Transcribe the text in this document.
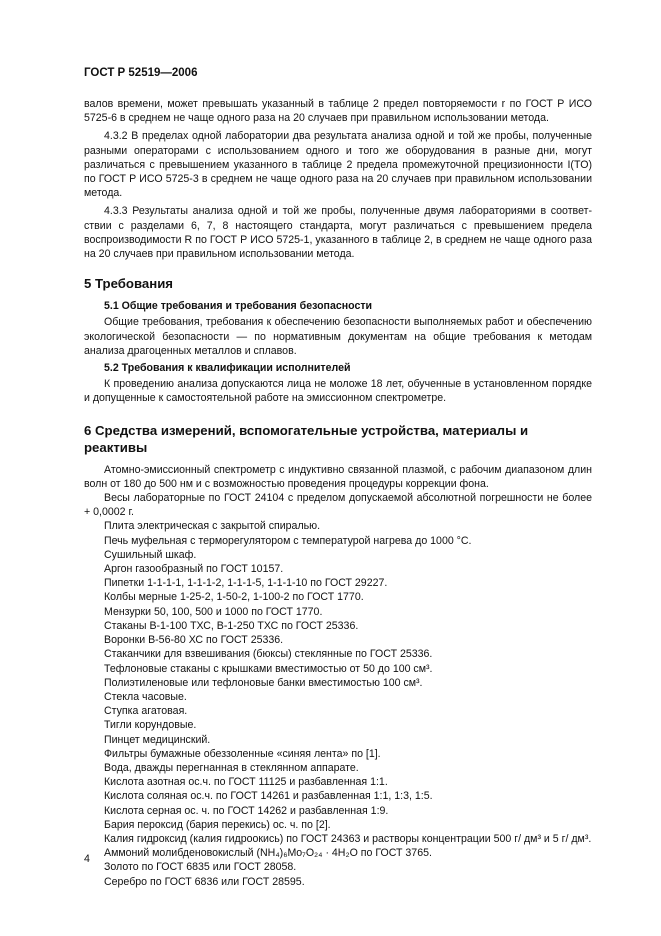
ГОСТ Р 52519—2006

валов времени, может превышать указанный в таблице 2 предел повторяемости r по ГОСТ Р ИСО 5725-6 в среднем не чаще одного раза на 20 случаев при правильном использовании метода.

4.3.2 В пределах одной лаборатории два результата анализа одной и той же пробы, полученные разными операторами с использованием одного и того же оборудования в разные дни, могут различаться с превышением указанного в таблице 2 предела промежуточной прецизионности I(TO) по ГОСТ Р ИСО 5725-3 в среднем не чаще одного раза на 20 случаев при правильном использовании метода.

4.3.3 Результаты анализа одной и той же пробы, полученные двумя лабораториями в соответствии с разделами 6, 7, 8 настоящего стандарта, могут различаться с превышением предела воспроизводимости R по ГОСТ Р ИСО 5725-1, указанного в таблице 2, в среднем не чаще одного раза на 20 случаев при правильном использовании метода.

5 Требования

5.1 Общие требования и требования безопасности

Общие требования, требования к обеспечению безопасности выполняемых работ и обеспечению экологической безопасности — по нормативным документам на общие требования к методам анализа драгоценных металлов и сплавов.

5.2 Требования к квалификации исполнителей

К проведению анализа допускаются лица не моложе 18 лет, обученные в установленном порядке и допущенные к самостоятельной работе на эмиссионном спектрометре.

6 Средства измерений, вспомогательные устройства, материалы и реактивы

Атомно-эмиссионный спектрометр с индуктивно связанной плазмой, с рабочим диапазоном длин волн от 180 до 500 нм и с возможностью проведения процедуры коррекции фона.

Весы лабораторные по ГОСТ 24104 с пределом допускаемой абсолютной погрешности не более + 0,0002 г.

Плита электрическая с закрытой спиралью.

Печь муфельная с терморегулятором с температурой нагрева до 1000 °С.

Сушильный шкаф.

Аргон газообразный по ГОСТ 10157.

Пипетки 1-1-1-1, 1-1-1-2, 1-1-1-5, 1-1-1-10 по ГОСТ 29227.

Колбы мерные 1-25-2, 1-50-2, 1-100-2 по ГОСТ 1770.

Мензурки 50, 100, 500 и 1000 по ГОСТ 1770.

Стаканы В-1-100 ТХС, В-1-250 ТХС по ГОСТ 25336.

Воронки В-56-80 ХС по ГОСТ 25336.

Стаканчики для взвешивания (бюксы) стеклянные по ГОСТ 25336.

Тефлоновые стаканы с крышками вместимостью от 50 до 100 см³.

Полиэтиленовые или тефлоновые банки вместимостью 100 см³.

Стекла часовые.

Ступка агатовая.

Тигли корундовые.

Пинцет медицинский.

Фильтры бумажные обеззоленные «синяя лента» по [1].

Вода, дважды перегнанная в стеклянном аппарате.

Кислота азотная ос.ч. по ГОСТ 11125 и разбавленная 1:1.

Кислота соляная ос.ч. по ГОСТ 14261 и разбавленная 1:1, 1:3, 1:5.

Кислота серная ос. ч. по ГОСТ 14262 и разбавленная 1:9.

Бария пероксид (бария перекись) ос. ч. по [2].

Калия гидроксид (калия гидроокись) по ГОСТ 24363 и растворы концентрации 500 г/ дм³ и 5 г/ дм³.

Аммоний молибденовокислый (NH₄)₆Mo₇O₂₄ · 4H₂O по ГОСТ 3765.

Золото по ГОСТ 6835 или ГОСТ 28058.

Серебро по ГОСТ 6836 или ГОСТ 28595.

4
